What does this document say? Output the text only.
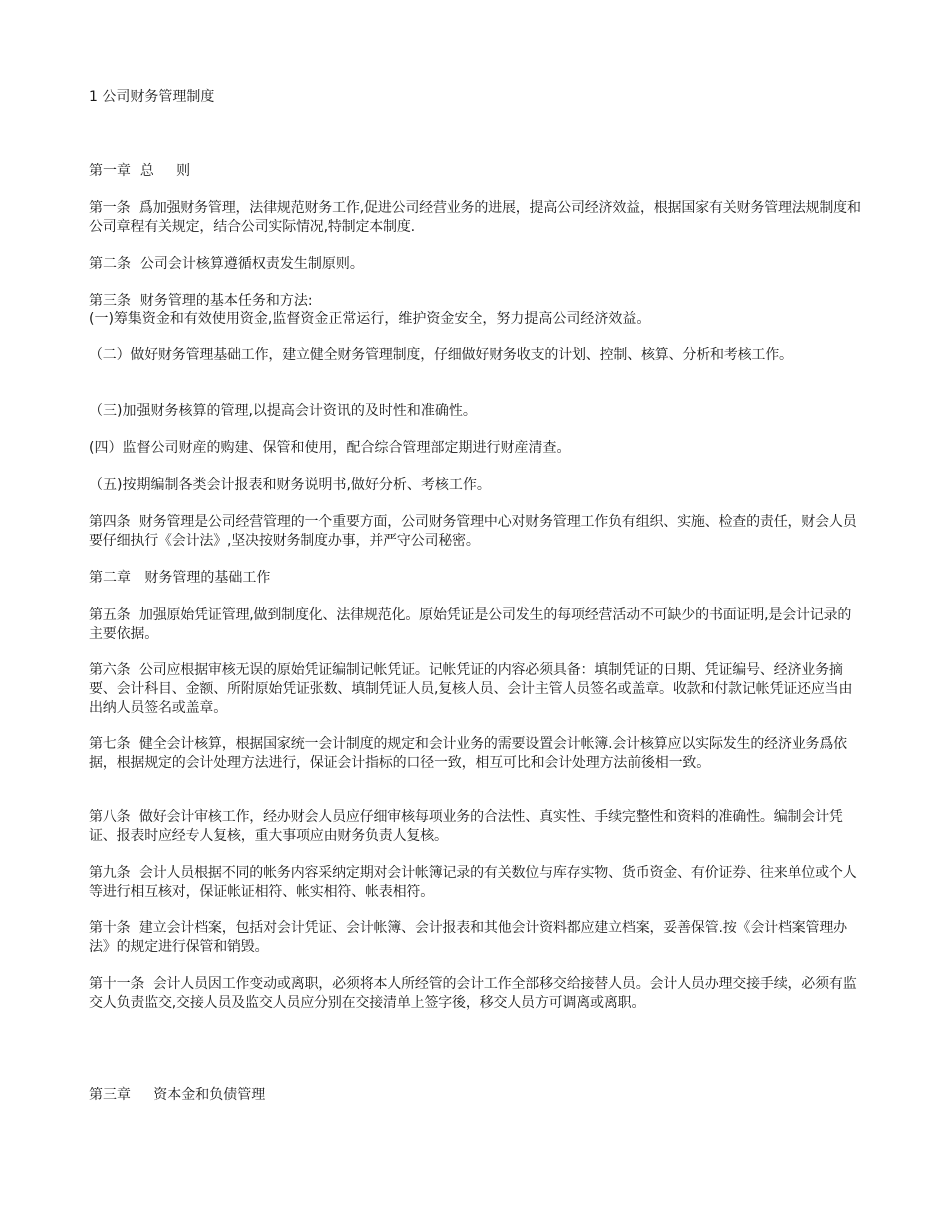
1 公司财务管理制度

第一章  总     则

第一条  爲加强财务管理，法律规范财务工作,促进公司经营业务的进展，提高公司经济效益，根据国家有关财务管理法规制度和公司章程有关规定，结合公司实际情况,特制定本制度.

第二条  公司会计核算遵循权责发生制原则。

第三条  财务管理的基本任务和方法:

(一)筹集资金和有效使用资金,监督资金正常运行，维护资金安全，努力提高公司经济效益。

（二）做好财务管理基础工作，建立健全财务管理制度，仔细做好财务收支的计划、控制、核算、分析和考核工作。

（三)加强财务核算的管理,以提高会计资讯的及时性和准确性。

(四）监督公司财産的购建、保管和使用，配合综合管理部定期进行财産清查。

（五)按期编制各类会计报表和财务说明书,做好分析、考核工作。

第四条  财务管理是公司经营管理的一个重要方面，公司财务管理中心对财务管理工作负有组织、实施、检查的责任，财会人员要仔细执行《会计法》,坚决按财务制度办事，并严守公司秘密。

第二章   财务管理的基础工作

第五条  加强原始凭证管理,做到制度化、法律规范化。原始凭证是公司发生的每项经营活动不可缺少的书面证明,是会计记录的主要依据。

第六条  公司应根据审核无误的原始凭证编制记帐凭证。记帐凭证的内容必须具备：填制凭证的日期、凭证编号、经济业务摘要、会计科目、金额、所附原始凭证张数、填制凭证人员,复核人员、会计主管人员签名或盖章。收款和付款记帐凭证还应当由出纳人员签名或盖章。

第七条  健全会计核算，根据国家统一会计制度的规定和会计业务的需要设置会计帐簿.会计核算应以实际发生的经济业务爲依据，根据规定的会计处理方法进行，保证会计指标的口径一致，相互可比和会计处理方法前後相一致。

第八条  做好会计审核工作，经办财会人员应仔细审核每项业务的合法性、真实性、手续完整性和资料的准确性。编制会计凭证、报表时应经专人复核，重大事项应由财务负责人复核。

第九条  会计人员根据不同的帐务内容采纳定期对会计帐簿记录的有关数位与库存实物、货币资金、有价证券、往来单位或个人等进行相互核对，保证帐证相符、帐实相符、帐表相符。

第十条  建立会计档案，包括对会计凭证、会计帐簿、会计报表和其他会计资料都应建立档案，妥善保管.按《会计档案管理办法》的规定进行保管和销毁。

第十一条  会计人员因工作变动或离职，必须将本人所经管的会计工作全部移交给接替人员。会计人员办理交接手续，必须有监交人负责监交,交接人员及监交人员应分别在交接清单上签字後，移交人员方可调离或离职。

第三章     资本金和负债管理
